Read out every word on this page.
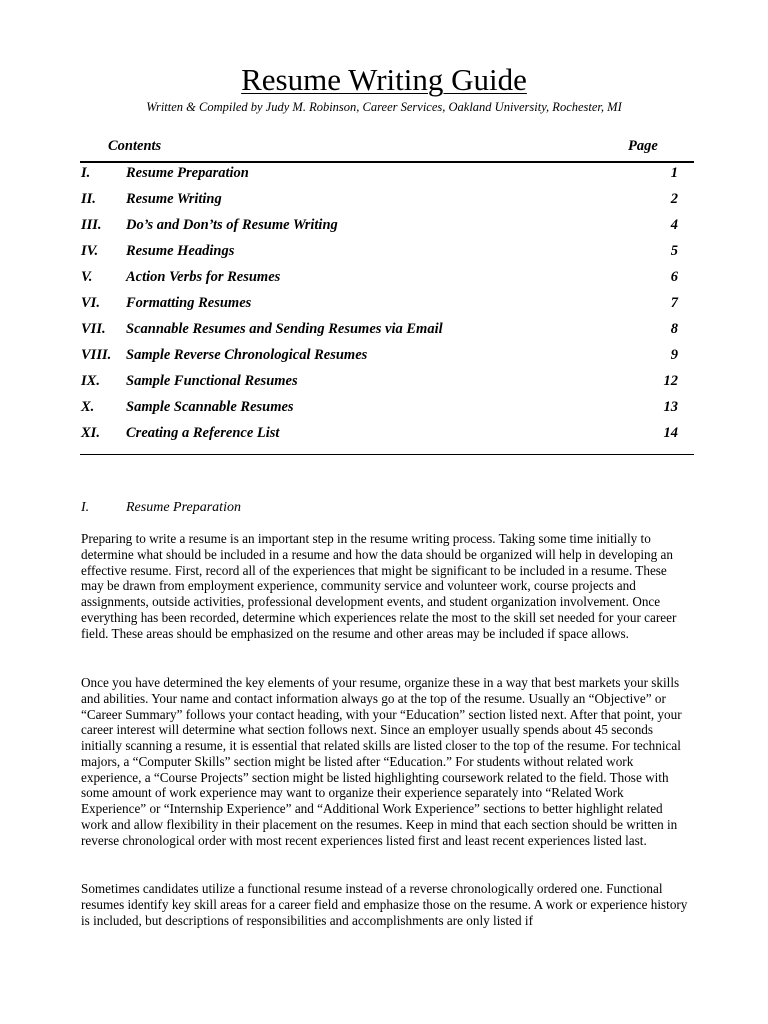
Resume Writing Guide
Written & Compiled by Judy M. Robinson, Career Services, Oakland University, Rochester, MI
Contents	Page
I. Resume Preparation	1
II. Resume Writing	2
III. Do’s and Don’ts of Resume Writing	4
IV. Resume Headings	5
V. Action Verbs for Resumes	6
VI. Formatting Resumes	7
VII. Scannable Resumes and Sending Resumes via Email	8
VIII. Sample Reverse Chronological Resumes	9
IX. Sample Functional Resumes	12
X. Sample Scannable Resumes	13
XI. Creating a Reference List	14
I.	Resume Preparation

Preparing to write a resume is an important step in the resume writing process. Taking some time initially to determine what should be included in a resume and how the data should be organized will help in developing an effective resume. First, record all of the experiences that might be significant to be included in a resume. These may be drawn from employment experience, community service and volunteer work, course projects and assignments, outside activities, professional development events, and student organization involvement. Once everything has been recorded, determine which experiences relate the most to the skill set needed for your career field. These areas should be emphasized on the resume and other areas may be included if space allows.

Once you have determined the key elements of your resume, organize these in a way that best markets your skills and abilities. Your name and contact information always go at the top of the resume. Usually an “Objective” or “Career Summary” follows your contact heading, with your “Education” section listed next. After that point, your career interest will determine what section follows next. Since an employer usually spends about 45 seconds initially scanning a resume, it is essential that related skills are listed closer to the top of the resume. For technical majors, a “Computer Skills” section might be listed after “Education.” For students without related work experience, a “Course Projects” section might be listed highlighting coursework related to the field. Those with some amount of work experience may want to organize their experience separately into “Related Work Experience” or “Internship Experience” and “Additional Work Experience” sections to better highlight related work and allow flexibility in their placement on the resumes. Keep in mind that each section should be written in reverse chronological order with most recent experiences listed first and least recent experiences listed last.

Sometimes candidates utilize a functional resume instead of a reverse chronologically ordered one. Functional resumes identify key skill areas for a career field and emphasize those on the resume. A work or experience history is included, but descriptions of responsibilities and accomplishments are only listed if
